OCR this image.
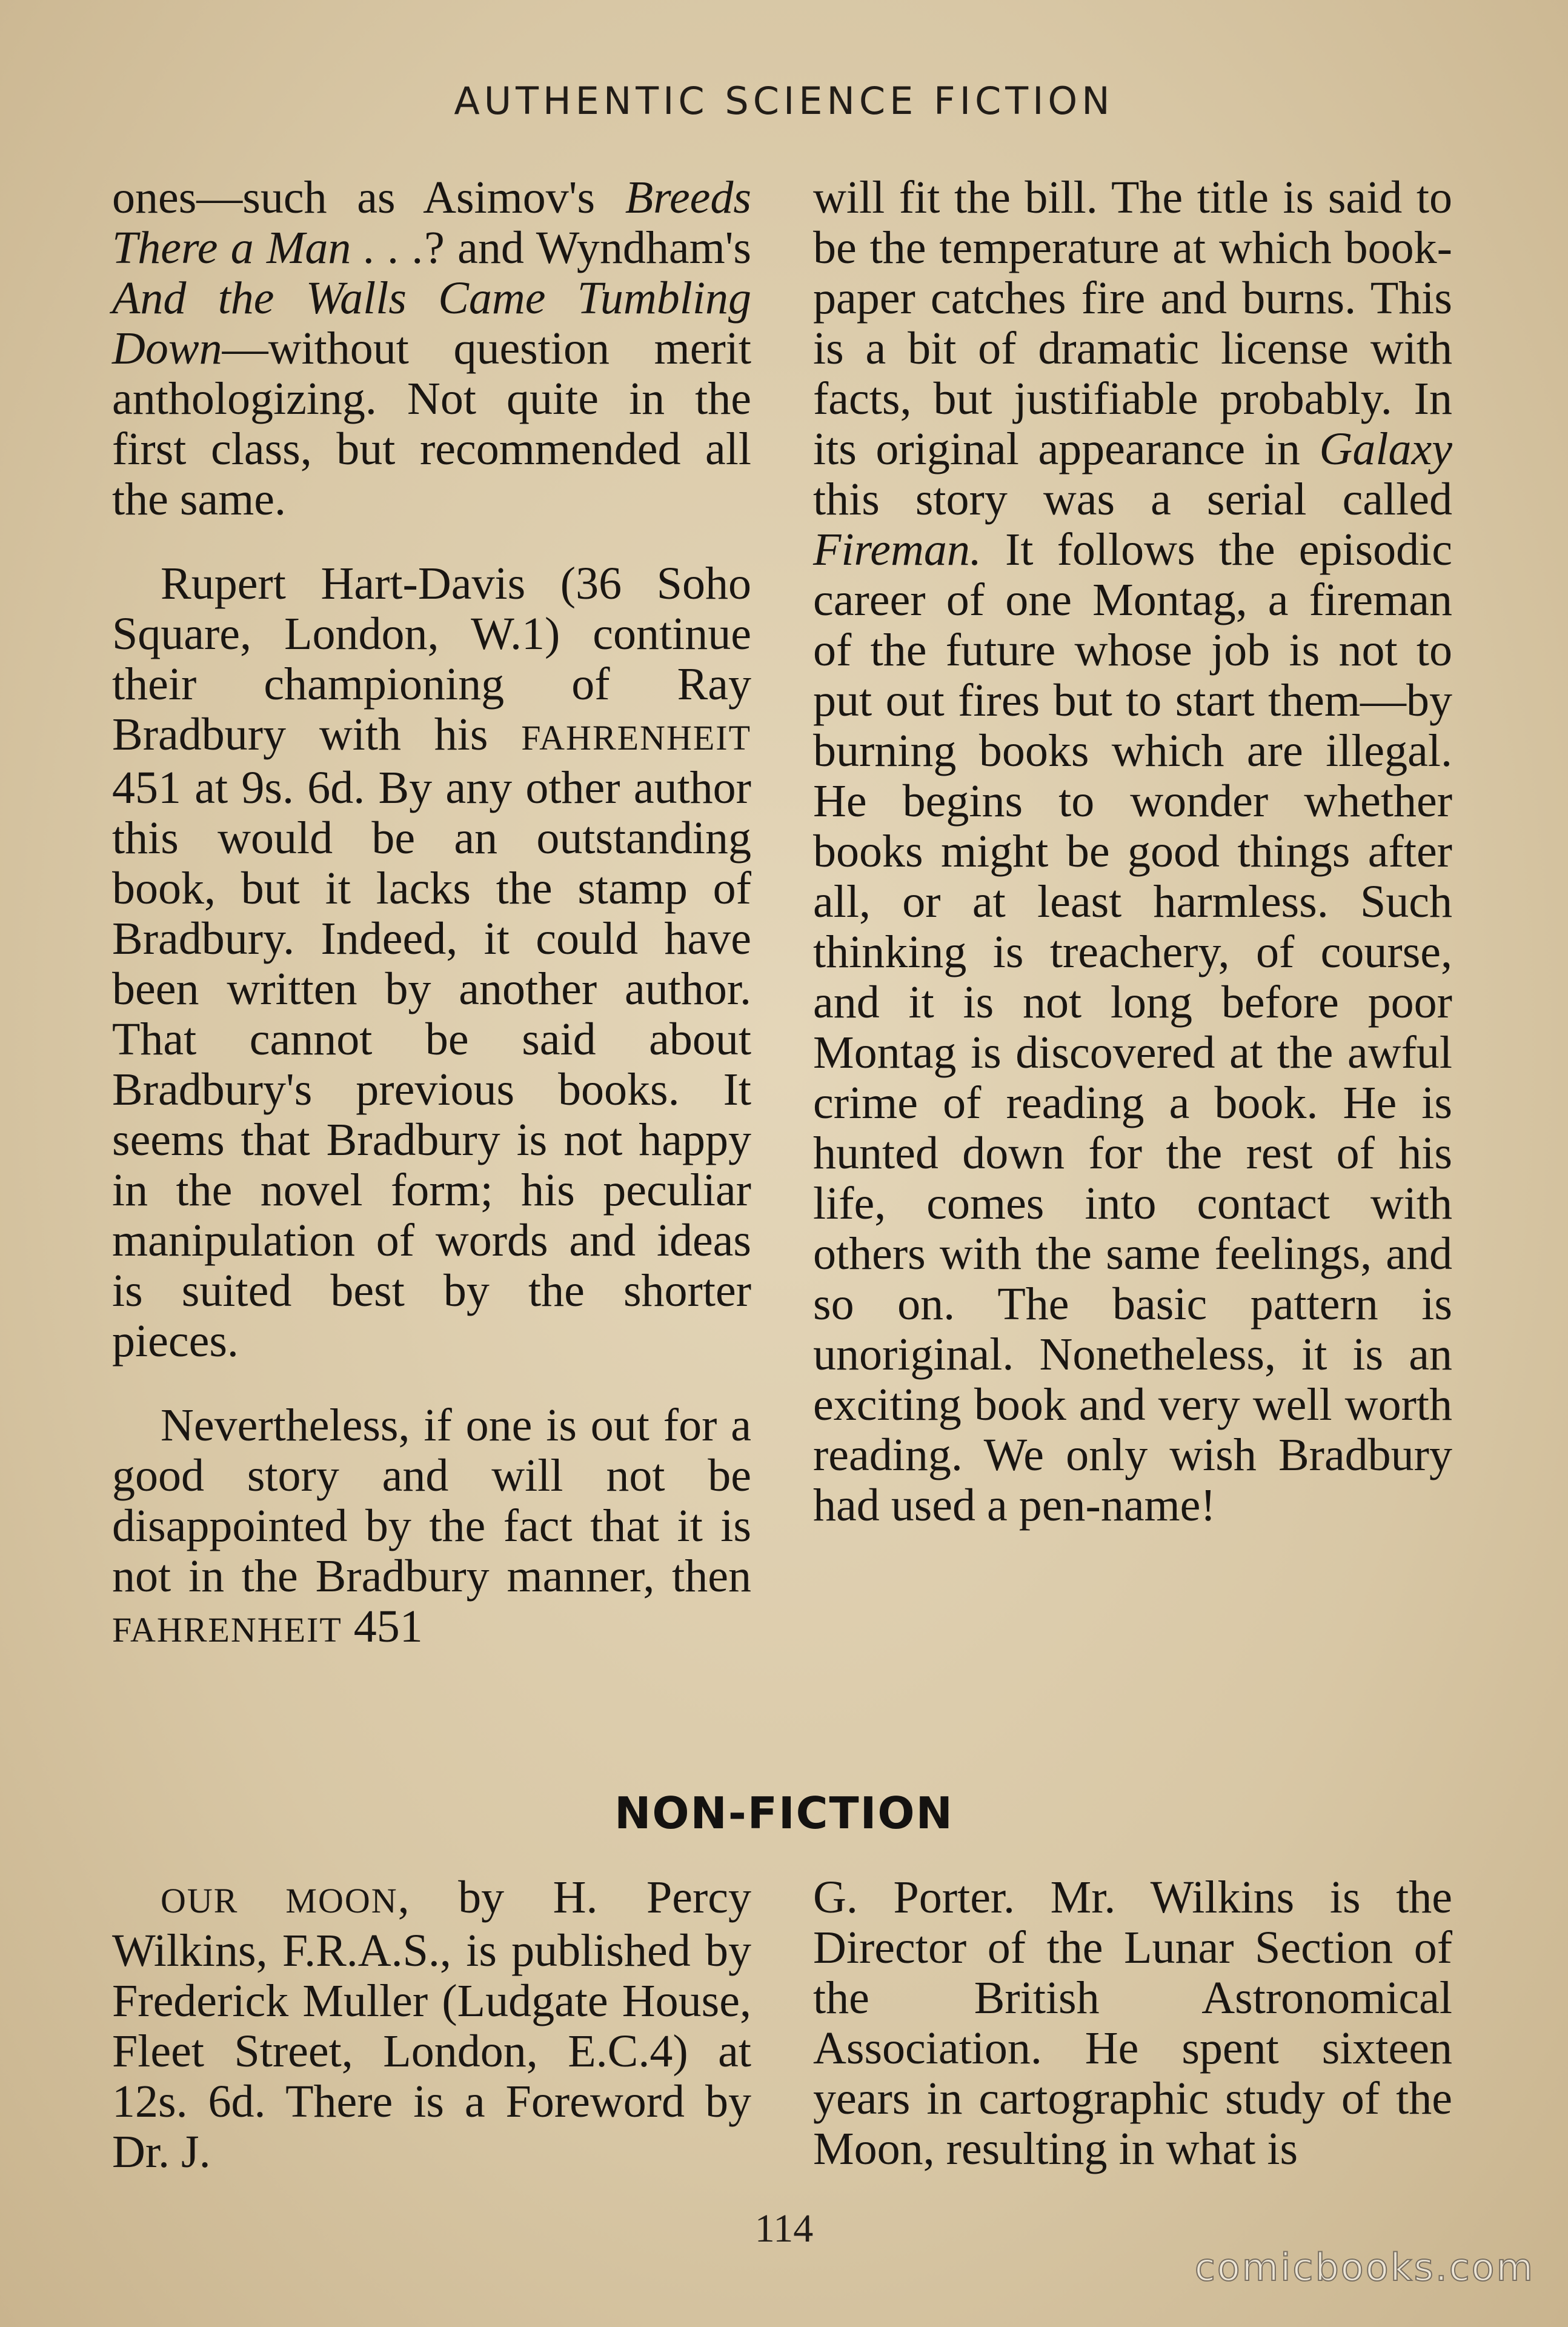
AUTHENTIC SCIENCE FICTION

ones—such as Asimov's Breeds There a Man . . .? and Wyndham's And the Walls Came Tumbling Down—without question merit anthologizing. Not quite in the first class, but recommended all the same.

Rupert Hart-Davis (36 Soho Square, London, W.1) continue their championing of Ray Bradbury with his FAHRENHEIT 451 at 9s. 6d. By any other author this would be an outstanding book, but it lacks the stamp of Bradbury. Indeed, it could have been written by another author. That cannot be said about Bradbury's previous books. It seems that Bradbury is not happy in the novel form; his peculiar manipulation of words and ideas is suited best by the shorter pieces.

Nevertheless, if one is out for a good story and will not be disappointed by the fact that it is not in the Bradbury manner, then FAHRENHEIT 451

will fit the bill. The title is said to be the temperature at which book-paper catches fire and burns. This is a bit of dramatic license with facts, but justifiable probably. In its original appearance in Galaxy this story was a serial called Fireman. It follows the episodic career of one Montag, a fireman of the future whose job is not to put out fires but to start them—by burning books which are illegal. He begins to wonder whether books might be good things after all, or at least harmless. Such thinking is treachery, of course, and it is not long before poor Montag is discovered at the awful crime of reading a book. He is hunted down for the rest of his life, comes into contact with others with the same feelings, and so on. The basic pattern is unoriginal. Nonetheless, it is an exciting book and very well worth reading. We only wish Bradbury had used a pen-name!

NON-FICTION

OUR MOON, by H. Percy Wilkins, F.R.A.S., is published by Frederick Muller (Ludgate House, Fleet Street, London, E.C.4) at 12s. 6d. There is a Foreword by Dr. J.

G. Porter. Mr. Wilkins is the Director of the Lunar Section of the British Astronomical Association. He spent sixteen years in cartographic study of the Moon, resulting in what is

114
comicbooks.com
